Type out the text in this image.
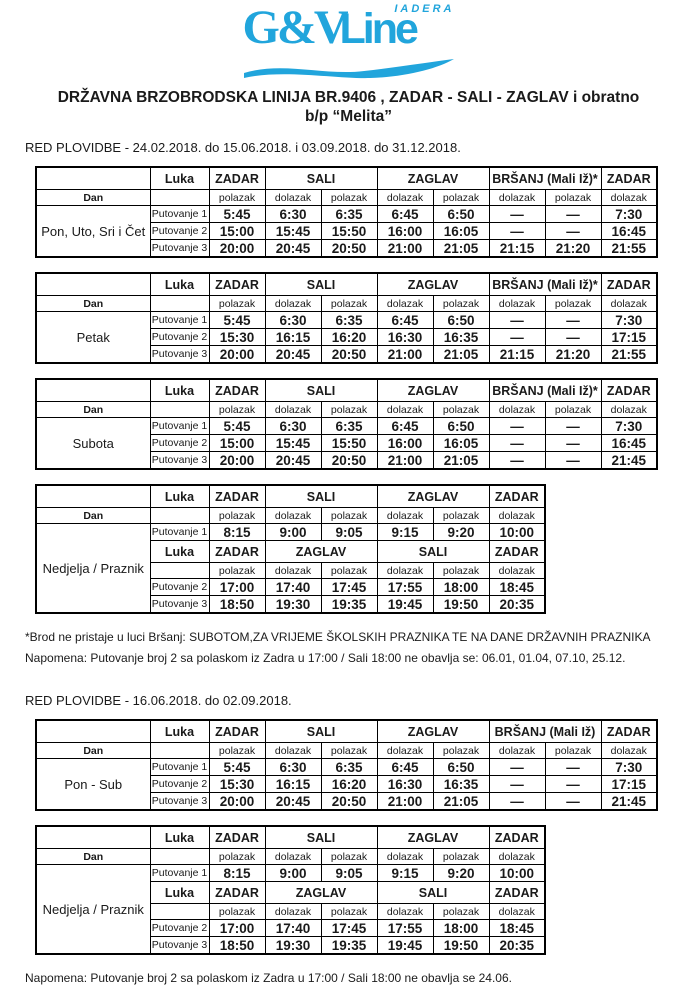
IADERA
G&VLine
DRŽAVNA BRZOBRODSKA LINIJA BR.9406 , ZADAR - SALI - ZAGLAV i obratno
b/p “Melita”

RED PLOVIDBE - 24.02.2018. do 15.06.2018. i 03.09.2018. do 31.12.2018.

	Luka	ZADAR	SALI		ZAGLAV		BRŠANJ (Mali Iž)*		ZADAR
Dan		polazak	dolazak	polazak	dolazak	polazak	dolazak	polazak	dolazak
Pon, Uto, Sri i Čet	Putovanje 1	5:45	6:30	6:35	6:45	6:50	—	—	7:30
	Putovanje 2	15:00	15:45	15:50	16:00	16:05	—	—	16:45
	Putovanje 3	20:00	20:45	20:50	21:00	21:05	21:15	21:20	21:55
	Luka	ZADAR	SALI		ZAGLAV		BRŠANJ (Mali Iž)*		ZADAR
Dan		polazak	dolazak	polazak	dolazak	polazak	dolazak	polazak	dolazak
Petak	Putovanje 1	5:45	6:30	6:35	6:45	6:50	—	—	7:30
	Putovanje 2	15:30	16:15	16:20	16:30	16:35	—	—	17:15
	Putovanje 3	20:00	20:45	20:50	21:00	21:05	21:15	21:20	21:55
	Luka	ZADAR	SALI		ZAGLAV		BRŠANJ (Mali Iž)*		ZADAR
Dan		polazak	dolazak	polazak	dolazak	polazak	dolazak	polazak	dolazak
Subota	Putovanje 1	5:45	6:30	6:35	6:45	6:50	—	—	7:30
	Putovanje 2	15:00	15:45	15:50	16:00	16:05	—	—	16:45
	Putovanje 3	20:00	20:45	20:50	21:00	21:05	—	—	21:45
	Luka	ZADAR	SALI		ZAGLAV		ZADAR
Dan		polazak	dolazak	polazak	dolazak	polazak	dolazak
Nedjelja / Praznik	Putovanje 1	8:15	9:00	9:05	9:15	9:20	10:00
	Luka	ZADAR	ZAGLAV		SALI		ZADAR
		polazak	dolazak	polazak	dolazak	polazak	dolazak
	Putovanje 2	17:00	17:40	17:45	17:55	18:00	18:45
	Putovanje 3	18:50	19:30	19:35	19:45	19:50	20:35

*Brod ne pristaje u luci Bršanj: SUBOTOM,ZA VRIJEME ŠKOLSKIH PRAZNIKA TE NA DANE DRŽAVNIH PRAZNIKA

Napomena: Putovanje broj 2 sa polaskom iz Zadra u 17:00 / Sali 18:00 ne obavlja se: 06.01, 01.04, 07.10, 25.12.

RED PLOVIDBE - 16.06.2018. do 02.09.2018.

	Luka	ZADAR	SALI		ZAGLAV		BRŠANJ (Mali Iž)		ZADAR
Dan		polazak	dolazak	polazak	dolazak	polazak	dolazak	polazak	dolazak
Pon - Sub	Putovanje 1	5:45	6:30	6:35	6:45	6:50	—	—	7:30
	Putovanje 2	15:30	16:15	16:20	16:30	16:35	—	—	17:15
	Putovanje 3	20:00	20:45	20:50	21:00	21:05	—	—	21:45
	Luka	ZADAR	SALI		ZAGLAV		ZADAR
Dan		polazak	dolazak	polazak	dolazak	polazak	dolazak
Nedjelja / Praznik	Putovanje 1	8:15	9:00	9:05	9:15	9:20	10:00
	Luka	ZADAR	ZAGLAV		SALI		ZADAR
		polazak	dolazak	polazak	dolazak	polazak	dolazak
	Putovanje 2	17:00	17:40	17:45	17:55	18:00	18:45
	Putovanje 3	18:50	19:30	19:35	19:45	19:50	20:35

Napomena: Putovanje broj 2 sa polaskom iz Zadra u 17:00 / Sali 18:00 ne obavlja se 24.06.
